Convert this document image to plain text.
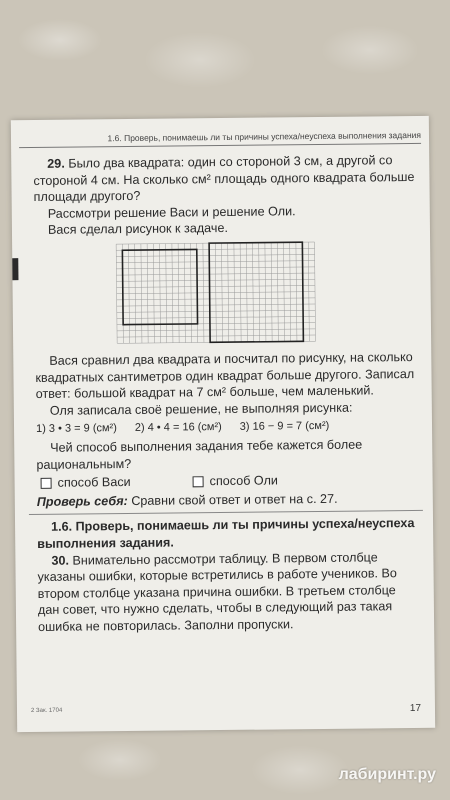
1.6. Проверь, понимаешь ли ты причины успеха/неуспеха выполнения задания

29. Было два квадрата: один со стороной 3 см, а другой со стороной 4 см. На сколько см² площадь одного квадрата больше площади другого?

Рассмотри решение Васи и решение Оли.

Вася сделал рисунок к задаче.

Вася сравнил два квадрата и посчитал по рисунку, на сколько квадратных сантиметров один квадрат больше другого. Записал ответ: большой квадрат на 7 см² больше, чем маленький.

Оля записала своё решение, не выполняя рисунка:

1) 3 • 3 = 9 (см²) 2) 4 • 4 = 16 (см²) 3) 16 − 9 = 7 (см²)

Чей способ выполнения задания тебе кажется более рациональным?

способ Васи	способ Оли

Проверь себя: Сравни свой ответ и ответ на с. 27.

1.6. Проверь, понимаешь ли ты причины успеха/неуспеха выполнения задания.

30. Внимательно рассмотри таблицу. В первом столбце указаны ошибки, которые встретились в работе учеников. Во втором столбце указана причина ошибки. В третьем столбце дан совет, что нужно сделать, чтобы в следующий раз такая ошибка не повторилась. Заполни пропуски.

2 Зак. 1704	17
лабиринт.ру
